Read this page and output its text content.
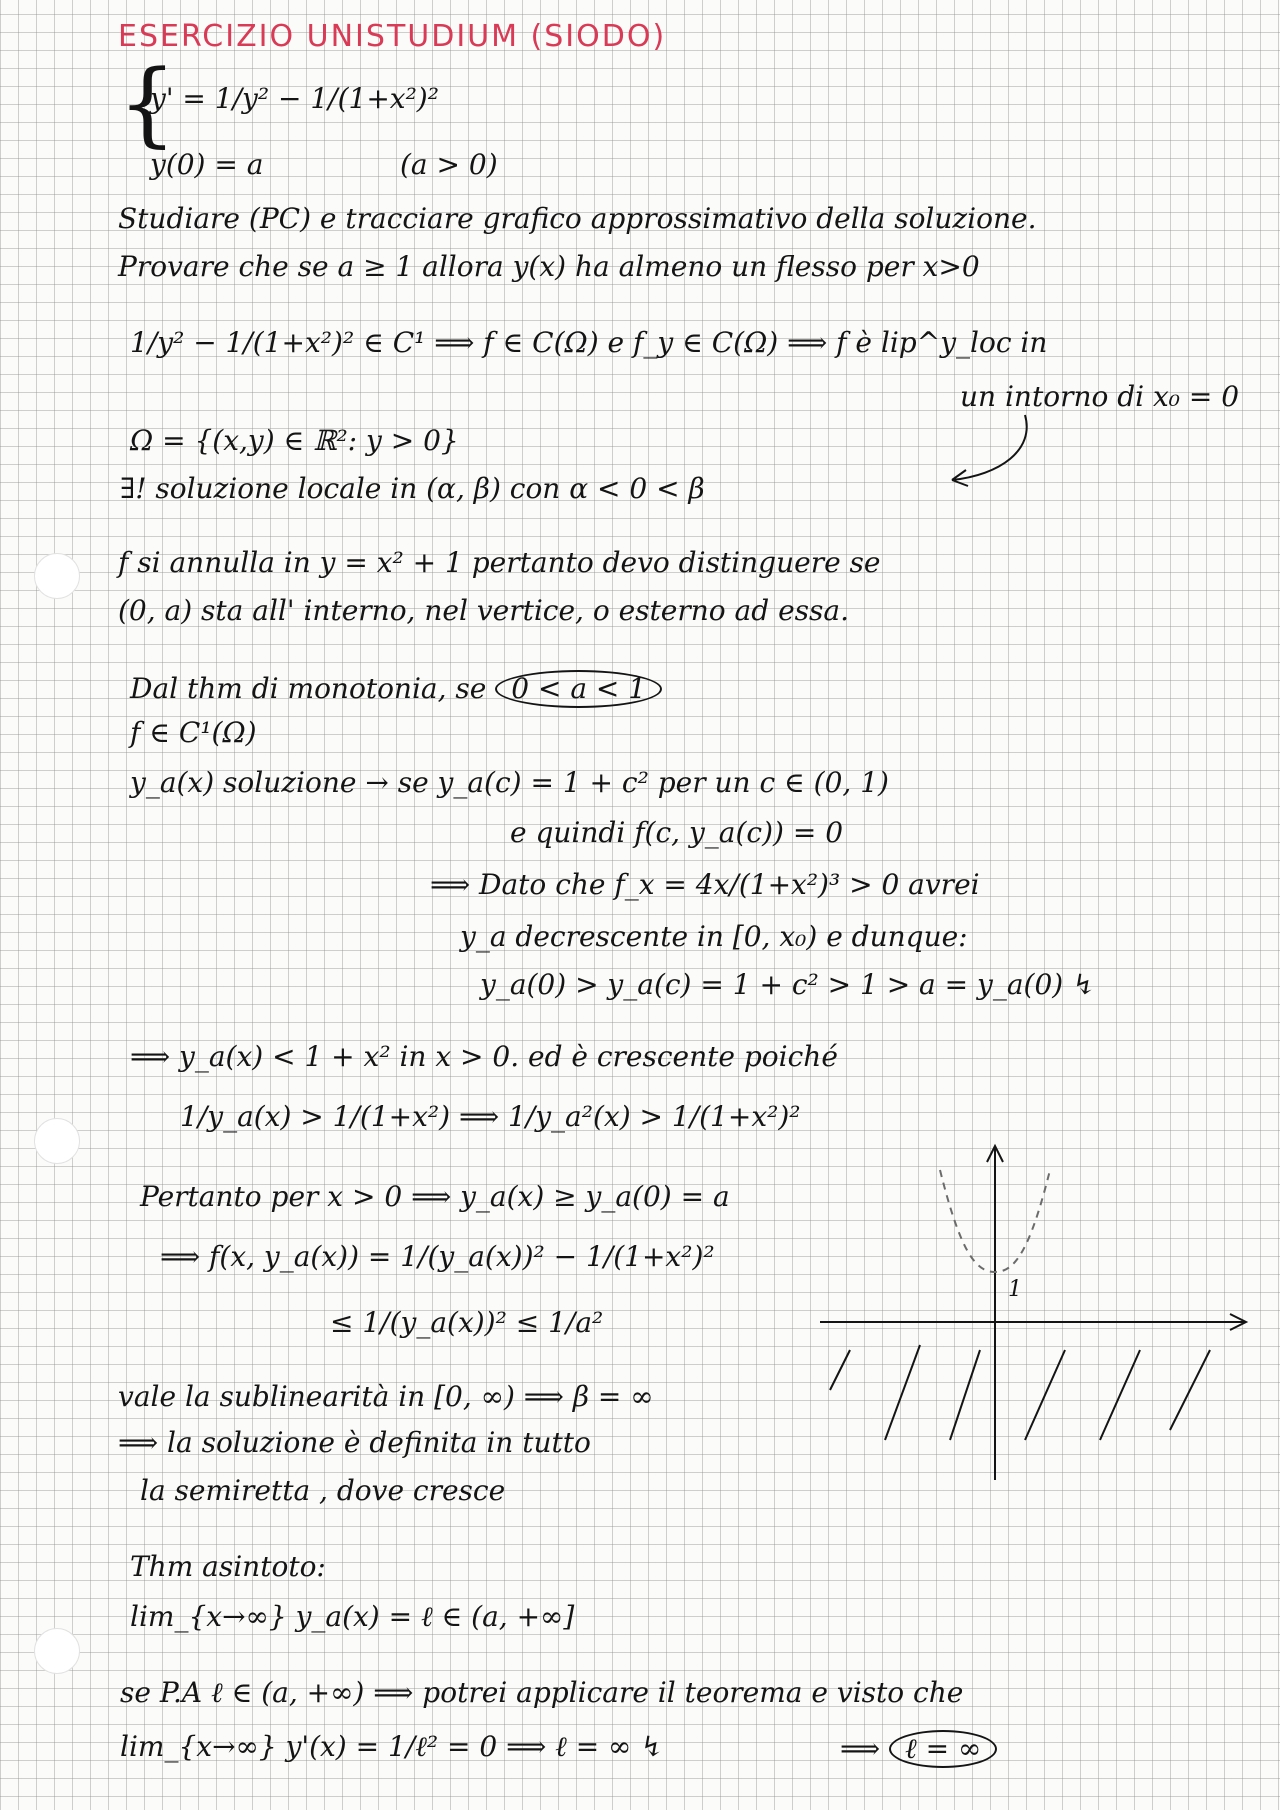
ESERCIZIO UNISTUDIUM (SIODO)
{
y' = 1/y² − 1/(1+x²)²
y(0) = a	(a > 0)
Studiare (PC) e tracciare grafico approssimativo della soluzione.
Provare che se a ≥ 1 allora y(x) ha almeno un flesso per x>0
1/y² − 1/(1+x²)² ∈ C¹ ⟹ f ∈ C(Ω) e f_y ∈ C(Ω) ⟹ f è lip^y_loc in
un intorno di x₀ = 0
Ω = {(x,y) ∈ ℝ²: y > 0}
∃! soluzione locale in (α, β) con α < 0 < β
f si annulla in y = x² + 1 pertanto devo distinguere se
(0, a) sta all' interno, nel vertice, o esterno ad essa.
Dal thm di monotonia, se 0 < a < 1
f ∈ C¹(Ω)
y_a(x) soluzione → se y_a(c) = 1 + c² per un c ∈ (0, 1)
e quindi f(c, y_a(c)) = 0
⟹ Dato che f_x = 4x/(1+x²)³ > 0 avrei
y_a decrescente in [0, x₀) e dunque:
y_a(0) > y_a(c) = 1 + c² > 1 > a = y_a(0) ↯
⟹ y_a(x) < 1 + x² in x > 0. ed è crescente poiché
1/y_a(x) > 1/(1+x²) ⟹ 1/y_a²(x) > 1/(1+x²)²
Pertanto per x > 0 ⟹ y_a(x) ≥ y_a(0) = a
⟹ f(x, y_a(x)) = 1/(y_a(x))² − 1/(1+x²)²
≤ 1/(y_a(x))² ≤ 1/a²
vale la sublinearità in [0, ∞) ⟹ β = ∞
⟹ la soluzione è definita in tutto
la semiretta , dove cresce
1
Thm asintoto:
lim_{x→∞} y_a(x) = ℓ ∈ (a, +∞]
se P.A ℓ ∈ (a, +∞) ⟹ potrei applicare il teorema e visto che
lim_{x→∞} y'(x) = 1/ℓ² = 0 ⟹ ℓ = ∞ ↯	⟹ ℓ = ∞
